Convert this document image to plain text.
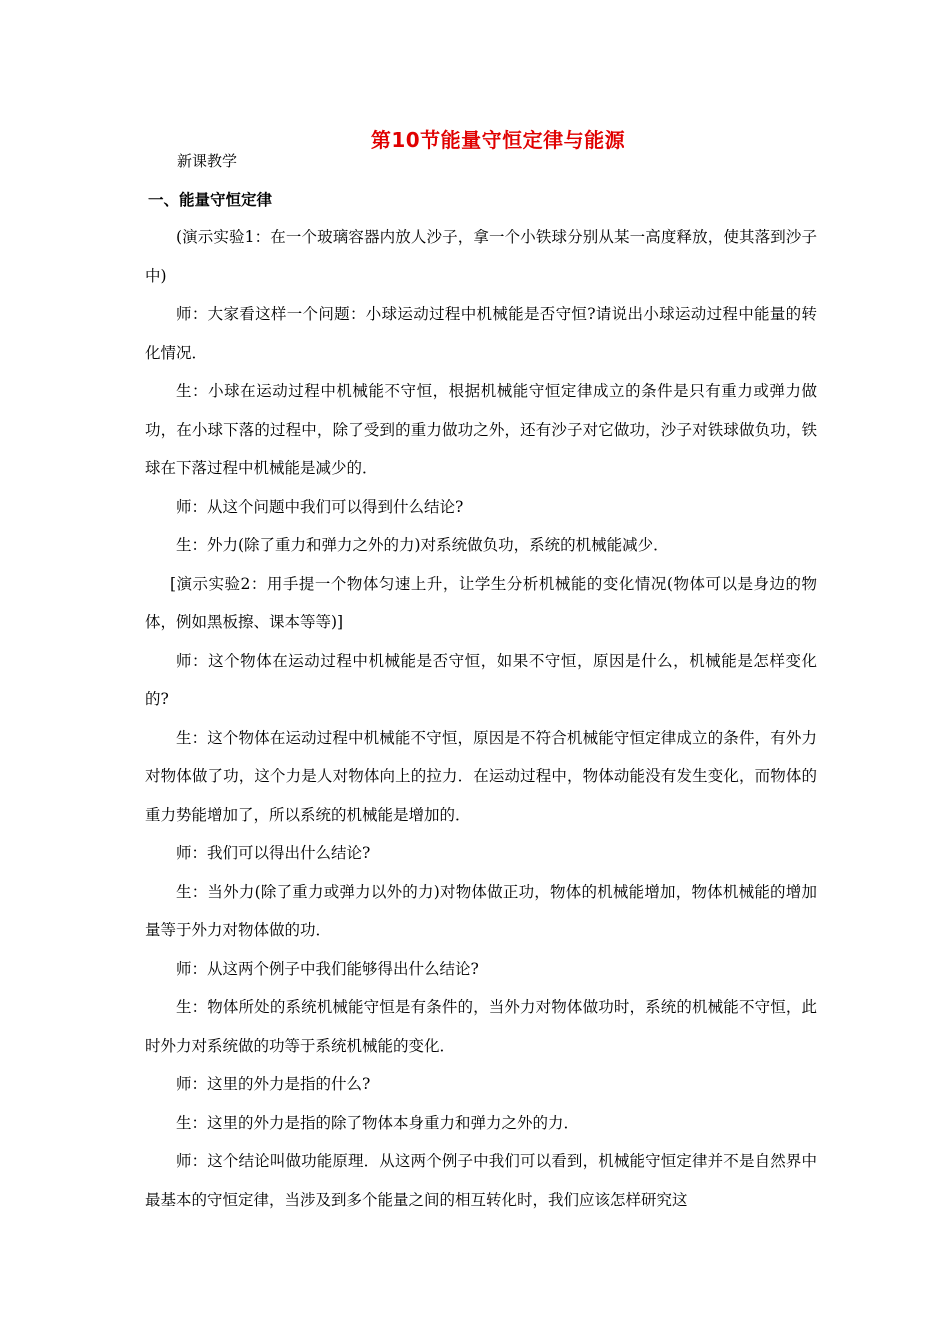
第10节能量守恒定律与能源
新课教学
一、能量守恒定律

(演示实验1：在一个玻璃容器内放人沙子，拿一个小铁球分别从某一高度释放，使其落到沙子中)

师：大家看这样一个问题：小球运动过程中机械能是否守恒?请说出小球运动过程中能量的转化情况．

生：小球在运动过程中机械能不守恒，根据机械能守恒定律成立的条件是只有重力或弹力做功，在小球下落的过程中，除了受到的重力做功之外，还有沙子对它做功，沙子对铁球做负功，铁球在下落过程中机械能是减少的．

师：从这个问题中我们可以得到什么结论?

生：外力(除了重力和弹力之外的力)对系统做负功，系统的机械能减少．

[演示实验2：用手提一个物体匀速上升，让学生分析机械能的变化情况(物体可以是身边的物体，例如黑板擦、课本等等)]

师：这个物体在运动过程中机械能是否守恒，如果不守恒，原因是什么，机械能是怎样变化的?

生：这个物体在运动过程中机械能不守恒，原因是不符合机械能守恒定律成立的条件，有外力对物体做了功，这个力是人对物体向上的拉力．在运动过程中，物体动能没有发生变化，而物体的重力势能增加了，所以系统的机械能是增加的．

师：我们可以得出什么结论?

生：当外力(除了重力或弹力以外的力)对物体做正功，物体的机械能增加，物体机械能的增加量等于外力对物体做的功．

师：从这两个例子中我们能够得出什么结论?

生：物体所处的系统机械能守恒是有条件的，当外力对物体做功时，系统的机械能不守恒，此时外力对系统做的功等于系统机械能的变化．

师：这里的外力是指的什么?

生：这里的外力是指的除了物体本身重力和弹力之外的力．

师：这个结论叫做功能原理．从这两个例子中我们可以看到，机械能守恒定律并不是自然界中最基本的守恒定律，当涉及到多个能量之间的相互转化时，我们应该怎样研究这
